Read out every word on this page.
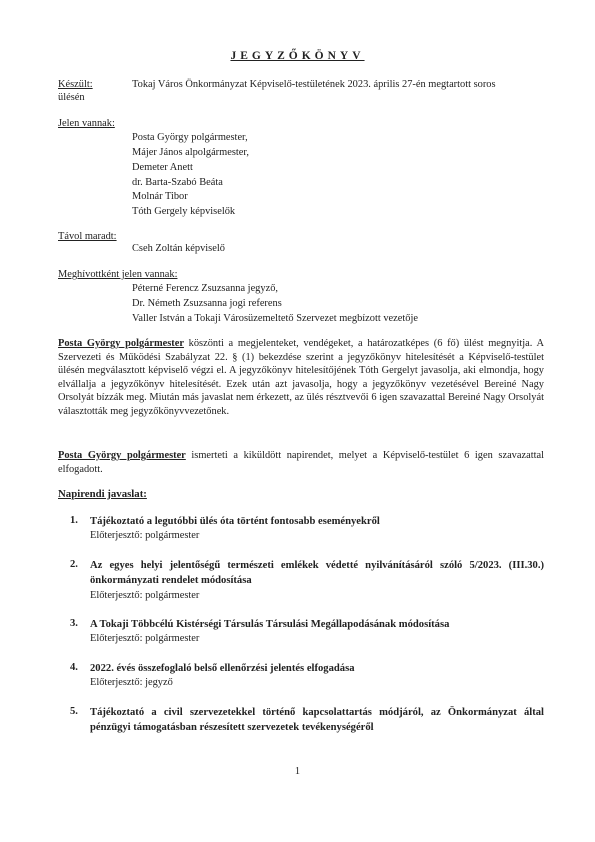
JEGYZŐKÖNYV
Készült:	Tokaj Város Önkormányzat Képviselő-testületének 2023. április 27-én megtartott soros
ülésén
Jelen vannak:
Posta György polgármester,
Májer János alpolgármester,
Demeter Anett
dr. Barta-Szabó Beáta
Molnár Tibor
Tóth Gergely képviselők
Távol maradt:
Cseh Zoltán képviselő
Meghívottként jelen vannak:
Péterné Ferencz Zsuzsanna jegyző,
Dr. Németh Zsuzsanna jogi referens
Valler István a Tokaji Városüzemeltető Szervezet megbízott vezetője
Posta György polgármester köszönti a megjelenteket, vendégeket, a határozatképes (6 fő) ülést megnyitja. A Szervezeti és Működési Szabályzat 22. § (1) bekezdése szerint a jegyzőkönyv hitelesítését a Képviselő-testület ülésén megválasztott képviselő végzi el. A jegyzőkönyv hitelesítőjének Tóth Gergelyt javasolja, aki elmondja, hogy elvállalja a jegyzőkönyv hitelesítését. Ezek után azt javasolja, hogy a jegyzőkönyv vezetésével Bereiné Nagy Orsolyát bízzák meg. Miután más javaslat nem érkezett, az ülés résztvevői 6 igen szavazattal Bereiné Nagy Orsolyát választották meg jegyzőkönyvvezetőnek.
Posta György polgármester ismerteti a kiküldött napirendet, melyet a Képviselő-testület 6 igen szavazattal elfogadott.
Napirendi javaslat:
1. Tájékoztató a legutóbbi ülés óta történt fontosabb eseményekről
Előterjesztő: polgármester
2. Az egyes helyi jelentőségű természeti emlékek védetté nyilvánításáról szóló 5/2023. (III.30.) önkormányzati rendelet módosítása
Előterjesztő: polgármester
3. A Tokaji Többcélú Kistérségi Társulás Társulási Megállapodásának módosítása
Előterjesztő: polgármester
4. 2022. évés összefoglaló belső ellenőrzési jelentés elfogadása
Előterjesztő: jegyző
5. Tájékoztató a civil szervezetekkel történő kapcsolattartás módjáról, az Önkormányzat által pénzügyi támogatásban részesített szervezetek tevékenységéről
1
